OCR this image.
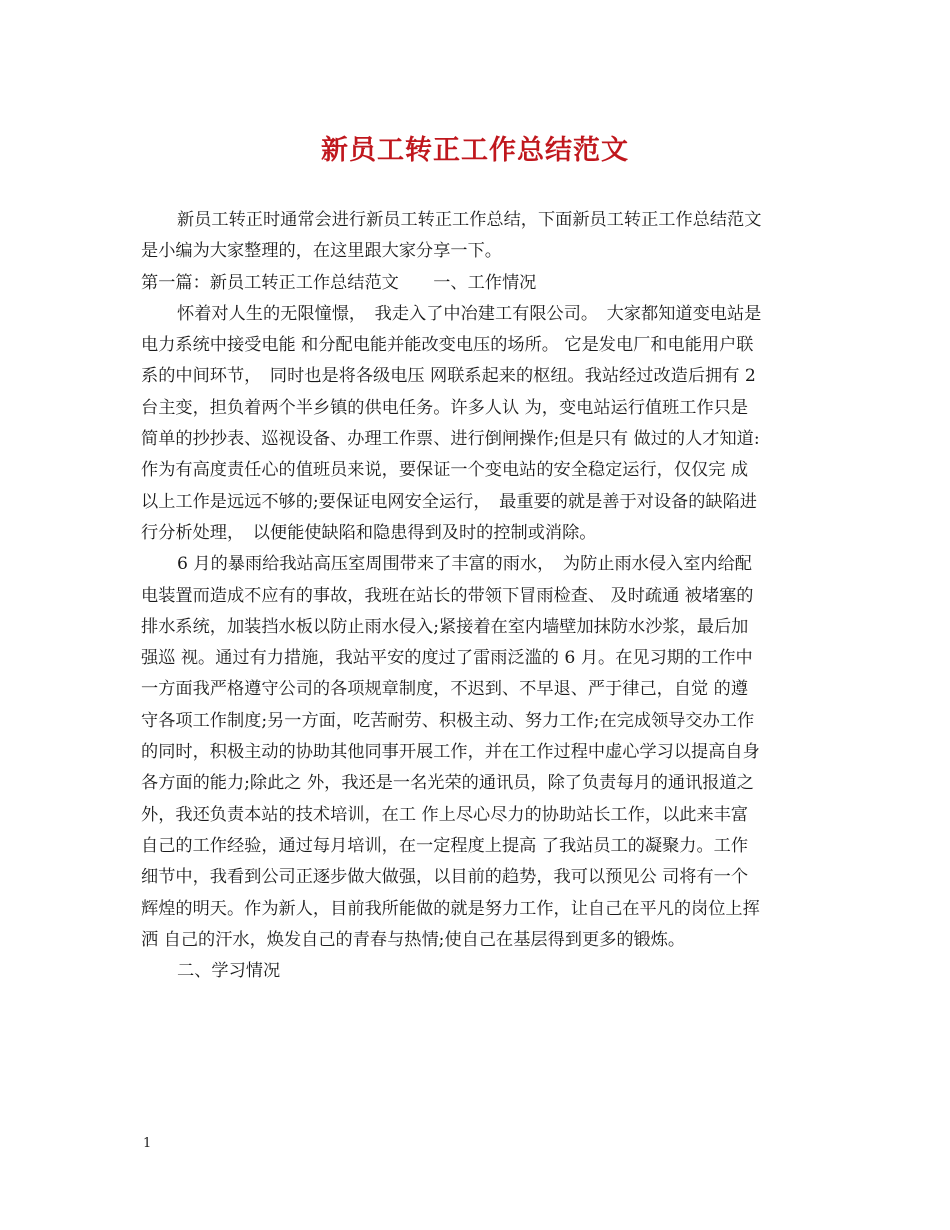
新员工转正工作总结范文
新员工转正时通常会进行新员工转正工作总结，下面新员工转正工作总结范文
是小编为大家整理的，在这里跟大家分享一下。
第一篇：新员工转正工作总结范文　　一、工作情况
怀着对人生的无限憧憬，　我走入了中冶建工有限公司。　大家都知道变电站是
电力系统中接受电能 和分配电能并能改变电压的场所。 它是发电厂和电能用户联
系的中间环节，　同时也是将各级电压 网联系起来的枢纽。我站经过改造后拥有 2
台主变，担负着两个半乡镇的供电任务。许多人认 为，变电站运行值班工作只是
简单的抄抄表、巡视设备、办理工作票、进行倒闸操作;但是只有 做过的人才知道:
作为有高度责任心的值班员来说，要保证一个变电站的安全稳定运行，仅仅完 成
以上工作是远远不够的;要保证电网安全运行，　最重要的就是善于对设备的缺陷进
行分析处理，　以便能使缺陷和隐患得到及时的控制或消除。
6 月的暴雨给我站高压室周围带来了丰富的雨水，　为防止雨水侵入室内给配
电装置而造成不应有的事故，我班在站长的带领下冒雨检查、 及时疏通 被堵塞的
排水系统，加装挡水板以防止雨水侵入;紧接着在室内墙壁加抹防水沙浆，最后加
强巡 视。通过有力措施，我站平安的度过了雷雨泛滥的 6 月。在见习期的工作中
一方面我严格遵守公司的各项规章制度，不迟到、不早退、严于律己，自觉 的遵
守各项工作制度;另一方面，吃苦耐劳、积极主动、努力工作;在完成领导交办工作
的同时，积极主动的协助其他同事开展工作，并在工作过程中虚心学习以提高自身
各方面的能力;除此之 外，我还是一名光荣的通讯员，除了负责每月的通讯报道之
外，我还负责本站的技术培训，在工 作上尽心尽力的协助站长工作，以此来丰富
自己的工作经验，通过每月培训，在一定程度上提高 了我站员工的凝聚力。工作
细节中，我看到公司正逐步做大做强，以目前的趋势，我可以预见公 司将有一个
辉煌的明天。作为新人，目前我所能做的就是努力工作，让自己在平凡的岗位上挥
洒 自己的汗水，焕发自己的青春与热情;使自己在基层得到更多的锻炼。
二、学习情况
1
